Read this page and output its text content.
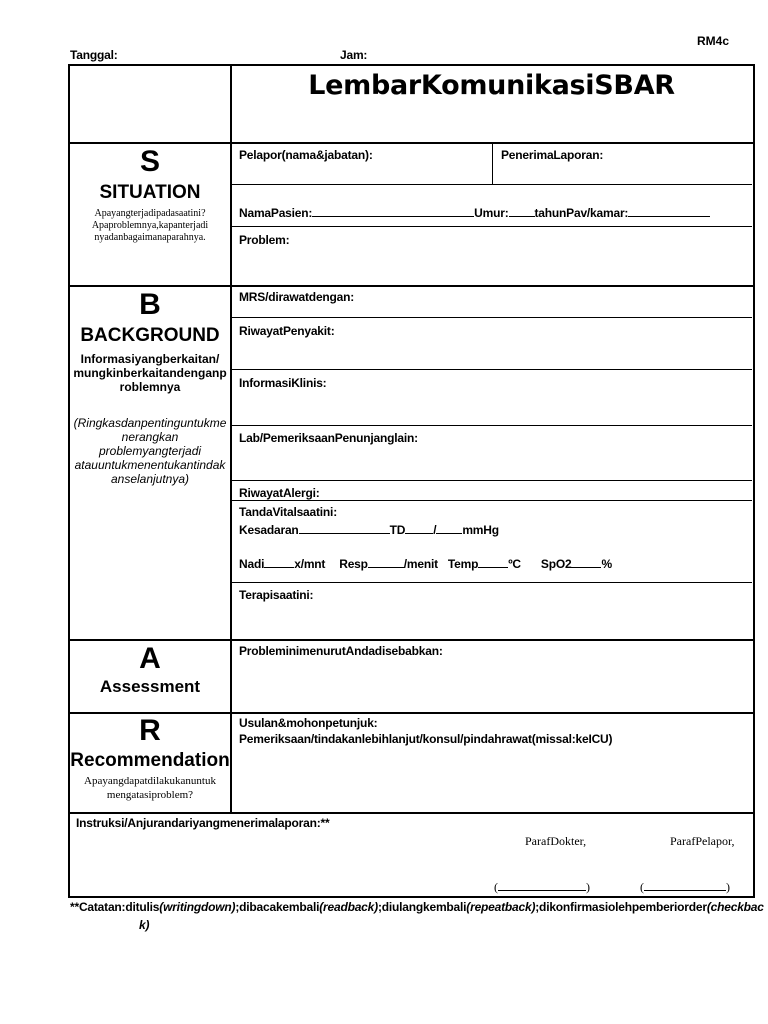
RM4c
Tanggal:	Jam:
LembarKomunikasiSBAR
S
SITUATION
Apayangterjadipadasaatini?
Apaproblemnya,kapanterjadi
nyadanbagaimanaparahnya.
Pelapor(nama&jabatan):	PenerimaLaporan:
NamaPasien:	Umur: tahunPav/kamar:
Problem:
B
BACKGROUND
Informasiyangberkaitan/
mungkinberkaitandenganp
roblemnya
(Ringkasdanpentinguntukme
nerangkan
problemyangterjadi
atauuntukmenentukantindak
anselanjutnya)
MRS/dirawatdengan:
RiwayatPenyakit:
InformasiKlinis:
Lab/PemeriksaanPenunjanglain:
RiwayatAlergi:
TandaVitalsaatini:
Kesadaran	TD / mmHg
Nadi	x/mnt Resp	/menit Temp	ºC SpO2	%
Terapisaatini:
A
Assessment
ProbleminimenurutAndadisebabkan:
R
Recommendation
Apayangdapatdilakukanuntuk
mengatasiproblem?
Usulan&mohonpetunjuk:
Pemeriksaan/tindakanlebihlanjut/konsul/pindahrawat(missal:keICU)
Instruksi/Anjurandariyangmenerimalaporan:**
ParafDokter,	ParafPelapor,
(	)	(	)
**Catatan:ditulis(writingdown);dibacakembali(readback);diulangkembali(repeatback);dikonfirmasiolehpemberiorder(checkbac
k)
